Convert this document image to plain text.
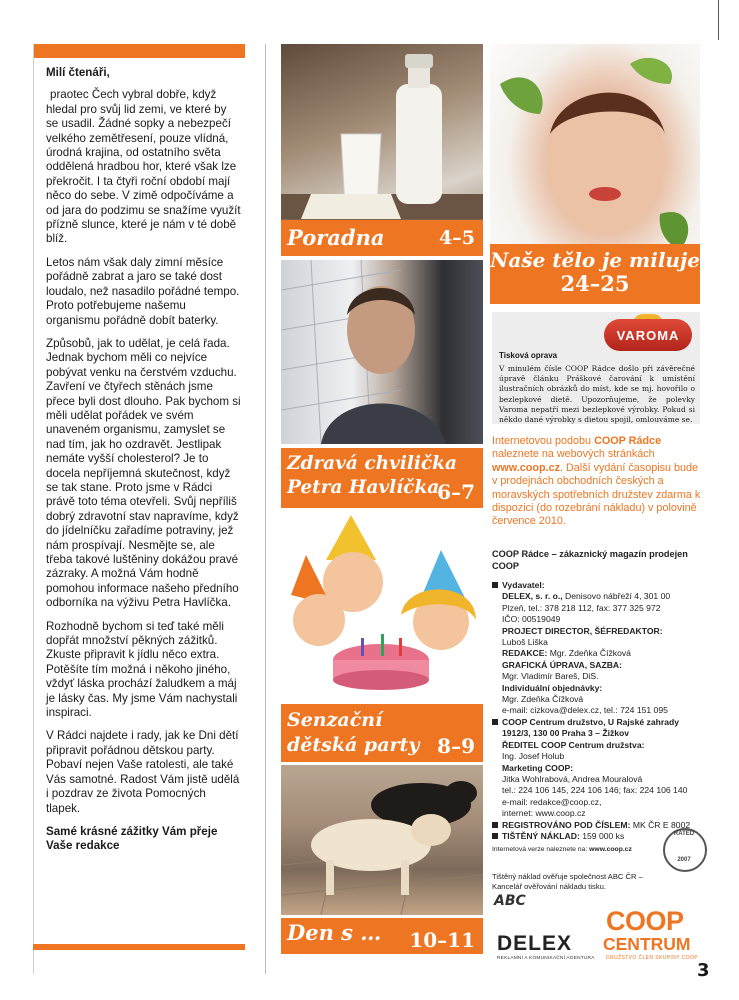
3

Milí čtenáři,

praotec Čech vybral dobře, když hledal pro svůj lid zemi, ve které by se usadil. Žádné sopky a nebezpečí velkého zemětřesení, pouze vlídná, úrodná krajina, od ostatního světa oddělená hradbou hor, které však lze překročit. I ta čtyři roční období mají něco do sebe. V zimě odpočíváme a od jara do podzimu se snažíme využít přízně slunce, které je nám v té době blíž.

Letos nám však daly zimní měsíce pořádně zabrat a jaro se také dost loudalo, než nasadilo pořádné tempo. Proto potřebujeme našemu organismu pořádně dobít baterky.

Způsobů, jak to udělat, je celá řada. Jednak bychom měli co nejvíce pobývat venku na čerstvém vzduchu. Zavření ve čtyřech stěnách jsme přece byli dost dlouho. Pak bychom si měli udělat pořádek ve svém unaveném organismu, zamyslet se nad tím, jak ho ozdravět. Jestlipak nemáte vyšší cholesterol? Je to docela nepříjemná skutečnost, když se tak stane. Proto jsme v Rádci právě toto téma otevřeli. Svůj nepříliš dobrý zdravotní stav napravíme, když do jídelníčku zařadíme potraviny, jež nám prospívají. Nesmějte se, ale třeba takové luštěniny dokážou pravé zázraky. A možná Vám hodně pomohou informace našeho předního odborníka na výživu Petra Havlíčka.

Rozhodně bychom si teď také měli dopřát množství pěkných zážitků. Zkuste připravit k jídlu něco extra. Potěšíte tím možná i někoho jiného, vždyť láska prochází žaludkem a máj je lásky čas. My jsme Vám nachystali inspiraci.

V Rádci najdete i rady, jak ke Dni dětí připravit pořádnou dětskou party. Pobaví nejen Vaše ratolesti, ale také Vás samotné. Radost Vám jistě udělá i pozdrav ze života Pomocných tlapek.

Samé krásné zážitky Vám přeje Vaše redakce

Poradna	4–5
Naše tělo je miluje
24–25
Zdravá chvilička
Petra Havlíčka
6–7
Senzační
dětská party 8–9
Den s … 10–11
VAROMA
Tisková oprava
V minulém čísle COOP Rádce došlo při závěrečné úpravě článku Práškové čarování k umístění ilustračních obrázků do míst, kde se mj. hovořilo o bezlepkové dietě. Upozorňujeme, že polevky Varoma nepatří mezi bezlepkové výrobky. Pokud si někdo dané výrobky s dietou spojil, omlouváme se.
Internetovou podobu COOP Rádce naleznete na webových stránkách www.coop.cz. Další vydání časopisu bude v prodejnách obchodních českých a moravských spotřebních družstev zdarma k dispozici (do rozebrání nákladu) v polovině července 2010.
COOP Rádce – zákaznický magazín prodejen COOP
Vydavatel:
DELEX, s. r. o., Denisovo nábřeží 4, 301 00
Plzeň, tel.: 378 218 112, fax: 377 325 972
IČO: 00519049
PROJECT DIRECTOR, ŠÉFREDAKTOR:
Luboš Liška
REDAKCE: Mgr. Zdeňka Čížková
GRAFICKÁ ÚPRAVA, SAZBA:
Mgr. Vladimír Bareš, DiS.
Individuální objednávky:
Mgr. Zdeňka Čížková
e-mail: cizkova@delex.cz, tel.: 724 151 095
COOP Centrum družstvo, U Rajské zahrady
1912/3, 130 00 Praha 3 – Žižkov
ŘEDITEL COOP Centrum družstva:
Ing. Josef Holub
Marketing COOP:
Jitka Wohlrabová, Andrea Mouralová
tel.: 224 106 145, 224 106 146; fax: 224 106 140
e-mail: redakce@coop.cz,
internet: www.coop.cz
REGISTROVÁNO POD ČÍSLEM: MK ČR E 8002
TIŠTĚNÝ NÁKLAD: 159 000 ks
Internetová verze naleznete na: www.coop.cz
Tištěný náklad ověřuje společnost ABC ČR – Kancelář ověřování nákladu tisku.
ABC
RATED
2007
DELEX
REKLAMNÍ A KOMUNIKAČNÍ AGENTURA
COOP
CENTRUM
DRUŽSTVO ČLEN SKUPINY COOP
